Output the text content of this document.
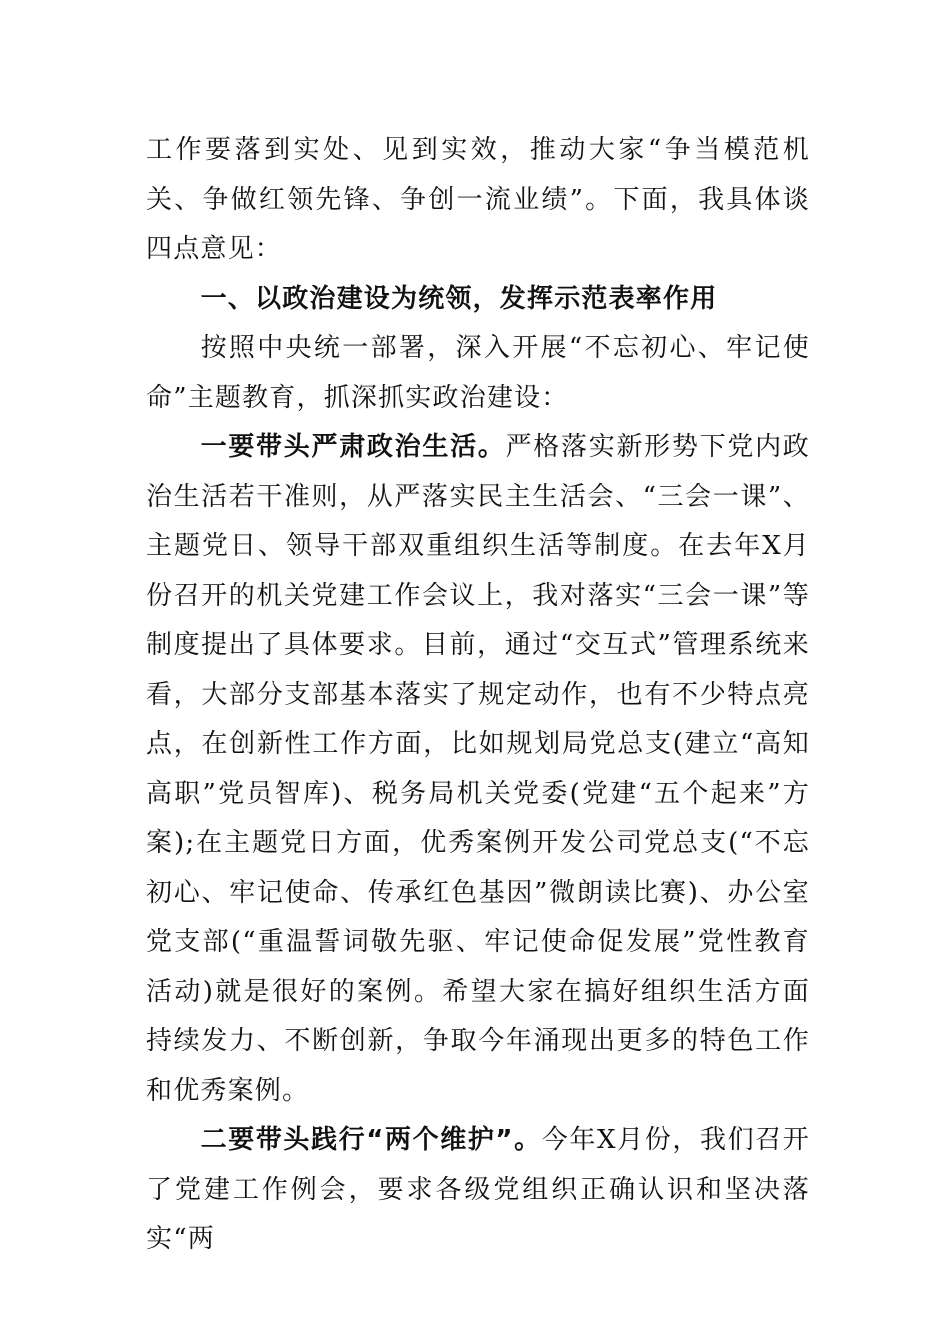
工作要落到实处、见到实效，推动大家“争当模范机关、争做红领先锋、争创一流业绩”。下面，我具体谈四点意见：

一、以政治建设为统领，发挥示范表率作用

按照中央统一部署，深入开展“不忘初心、牢记使命”主题教育，抓深抓实政治建设：

一要带头严肃政治生活。严格落实新形势下党内政治生活若干准则，从严落实民主生活会、“三会一课”、主题党日、领导干部双重组织生活等制度。在去年X月份召开的机关党建工作会议上，我对落实“三会一课”等制度提出了具体要求。目前，通过“交互式”管理系统来看，大部分支部基本落实了规定动作，也有不少特点亮点，在创新性工作方面，比如规划局党总支(建立“高知高职”党员智库)、税务局机关党委(党建“五个起来”方案);在主题党日方面，优秀案例开发公司党总支(“不忘初心、牢记使命、传承红色基因”微朗读比赛)、办公室党支部(“重温誓词敬先驱、牢记使命促发展”党性教育活动)就是很好的案例。希望大家在搞好组织生活方面持续发力、不断创新，争取今年涌现出更多的特色工作和优秀案例。

二要带头践行“两个维护”。今年X月份，我们召开了党建工作例会，要求各级党组织正确认识和坚决落实“两
